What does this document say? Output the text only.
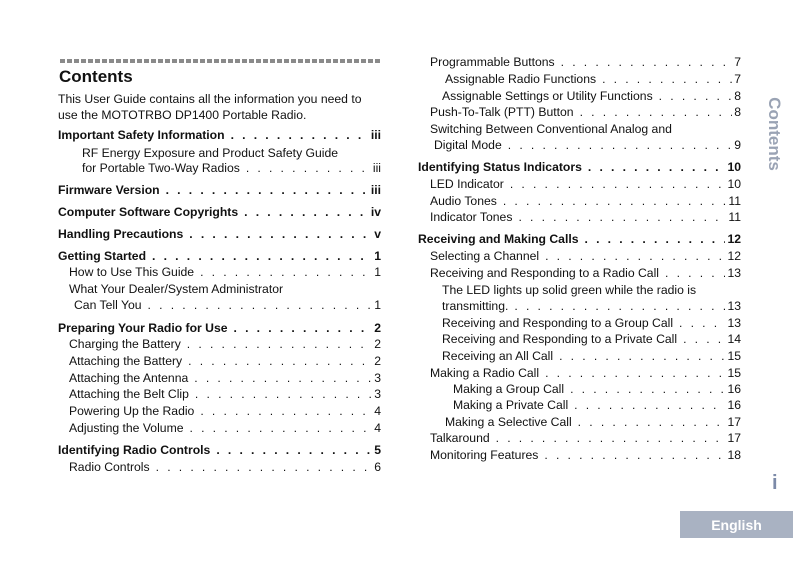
Contents
This User Guide contains all the information you need to use the MOTOTRBO DP1400 Portable Radio.
Important Safety Information . . .	iii
RF Energy Exposure and Product Safety Guide
for Portable Two-Way Radios . . .	iii
Firmware Version . . .	iii
Computer Software Copyrights . . .	iv
Handling Precautions . . .	v
Getting Started . . .	1
How to Use This Guide . . .	1
What Your Dealer/System Administrator
Can Tell You . . .	1
Preparing Your Radio for Use . . .	2
Charging the Battery . . .	2
Attaching the Battery . . .	2
Attaching the Antenna . . .	3
Attaching the Belt Clip . . .	3
Powering Up the Radio . . .	4
Adjusting the Volume . . .	4
Identifying Radio Controls . . .	5
Radio Controls . . .	6
Programmable Buttons . . .	7
Assignable Radio Functions . . .	7
Assignable Settings or Utility Functions . . .	8
Push-To-Talk (PTT) Button . . .	8
Switching Between Conventional Analog and
Digital Mode . . .	9
Identifying Status Indicators . . .	10
LED Indicator . . .	10
Audio Tones . . .	11
Indicator Tones . . .	11
Receiving and Making Calls . . .	12
Selecting a Channel . . .	12
Receiving and Responding to a Radio Call . . .	13
The LED lights up solid green while the radio is
transmitting. . . .	13
Receiving and Responding to a Group Call . . .	13
Receiving and Responding to a Private Call . . .	14
Receiving an All Call . . .	15
Making a Radio Call . . .	15
Making a Group Call . . .	16
Making a Private Call . . .	16
Making a Selective Call . . .	17
Talkaround . . .	17
Monitoring Features . . .	18
Contents
i
English
